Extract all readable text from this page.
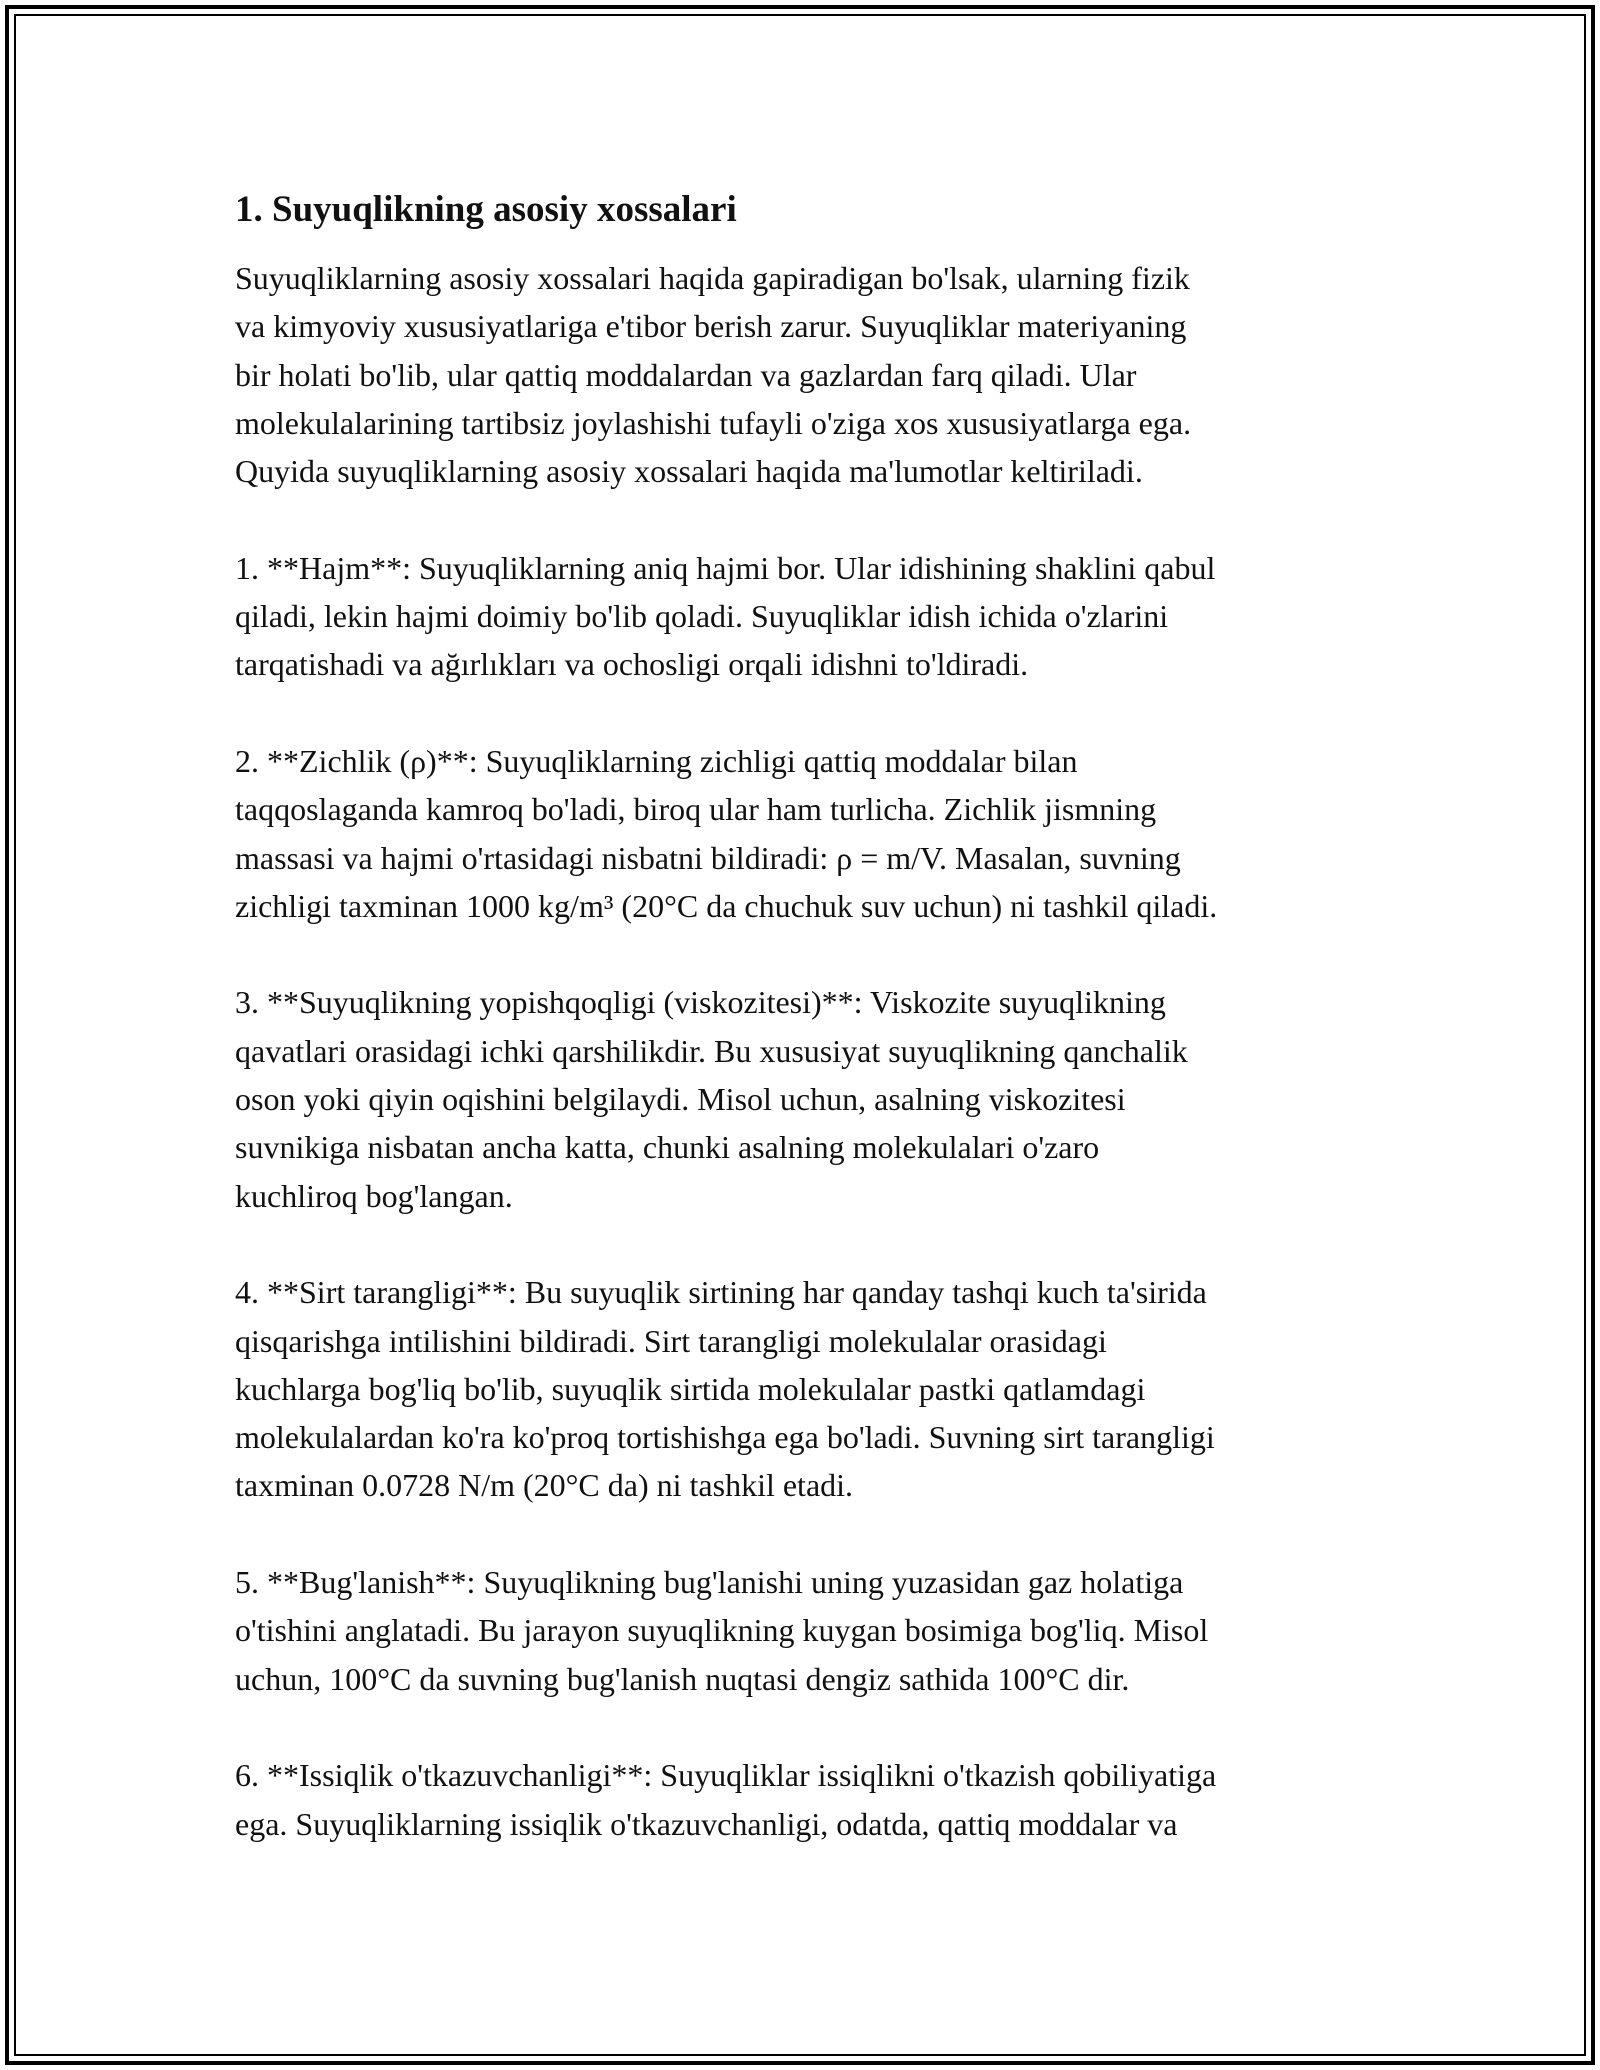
1. Suyuqlikning asosiy xossalari
Suyuqliklarning asosiy xossalari haqida gapiradigan bo'lsak, ularning fizik
va kimyoviy xususiyatlariga e'tibor berish zarur. Suyuqliklar materiyaning
bir holati bo'lib, ular qattiq moddalardan va gazlardan farq qiladi. Ular
molekulalarining tartibsiz joylashishi tufayli o'ziga xos xususiyatlarga ega.
Quyida suyuqliklarning asosiy xossalari haqida ma'lumotlar keltiriladi.
1. **Hajm**: Suyuqliklarning aniq hajmi bor. Ular idishining shaklini qabul
qiladi, lekin hajmi doimiy bo'lib qoladi. Suyuqliklar idish ichida o'zlarini
tarqatishadi va ağırlıkları va ochosligi orqali idishni to'ldiradi.
2. **Zichlik (ρ)**: Suyuqliklarning zichligi qattiq moddalar bilan
taqqoslaganda kamroq bo'ladi, biroq ular ham turlicha. Zichlik jismning
massasi va hajmi o'rtasidagi nisbatni bildiradi: ρ = m/V. Masalan, suvning
zichligi taxminan 1000 kg/m³ (20°C da chuchuk suv uchun) ni tashkil qiladi.
3. **Suyuqlikning yopishqoqligi (viskozitesi)**: Viskozite suyuqlikning
qavatlari orasidagi ichki qarshilikdir. Bu xususiyat suyuqlikning qanchalik
oson yoki qiyin oqishini belgilaydi. Misol uchun, asalning viskozitesi
suvnikiga nisbatan ancha katta, chunki asalning molekulalari o'zaro
kuchliroq bog'langan.
4. **Sirt tarangligi**: Bu suyuqlik sirtining har qanday tashqi kuch ta'sirida
qisqarishga intilishini bildiradi. Sirt tarangligi molekulalar orasidagi
kuchlarga bog'liq bo'lib, suyuqlik sirtida molekulalar pastki qatlamdagi
molekulalardan ko'ra ko'proq tortishishga ega bo'ladi. Suvning sirt tarangligi
taxminan 0.0728 N/m (20°C da) ni tashkil etadi.
5. **Bug'lanish**: Suyuqlikning bug'lanishi uning yuzasidan gaz holatiga
o'tishini anglatadi. Bu jarayon suyuqlikning kuygan bosimiga bog'liq. Misol
uchun, 100°C da suvning bug'lanish nuqtasi dengiz sathida 100°C dir.
6. **Issiqlik o'tkazuvchanligi**: Suyuqliklar issiqlikni o'tkazish qobiliyatiga
ega. Suyuqliklarning issiqlik o'tkazuvchanligi, odatda, qattiq moddalar va
